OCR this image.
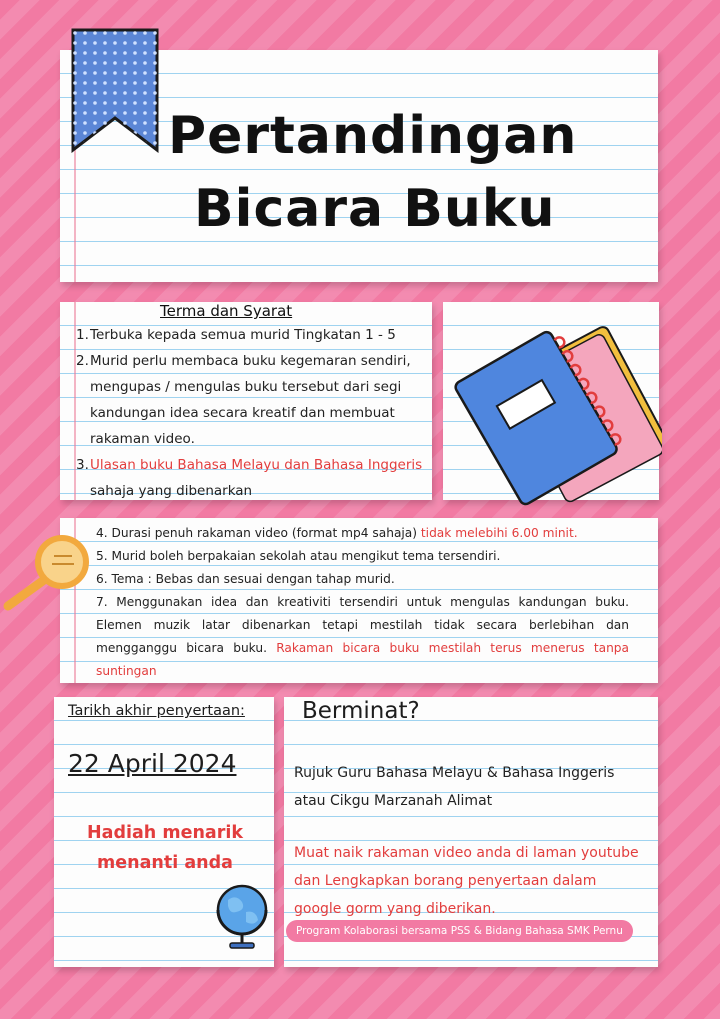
Pertandingan
Bicara Buku
Terma dan Syarat
1.Terbuka kepada semua murid Tingkatan 1 - 5
2. Murid perlu membaca buku kegemaran sendiri, mengupas / mengulas buku tersebut dari segi kandungan idea secara kreatif dan membuat rakaman video.
3. Ulasan buku Bahasa Melayu dan Bahasa Inggeris sahaja yang dibenarkan

4. Durasi penuh rakaman video (format mp4 sahaja) tidak melebihi 6.00 minit.

5. Murid boleh berpakaian sekolah atau mengikut tema tersendiri.

6. Tema : Bebas dan sesuai dengan tahap murid.

7. Menggunakan idea dan kreativiti tersendiri untuk mengulas kandungan buku. Elemen muzik latar dibenarkan tetapi mestilah tidak secara berlebihan dan mengganggu bicara buku. Rakaman bicara buku mestilah terus menerus tanpa suntingan

Tarikh akhir penyertaan:
22 April 2024
Hadiah menarik
menanti anda
Berminat?
Rujuk Guru Bahasa Melayu & Bahasa Inggeris
atau Cikgu Marzanah Alimat
Muat naik rakaman video anda di laman youtube
dan Lengkapkan borang penyertaan dalam
google gorm yang diberikan.
Program Kolaborasi bersama PSS & Bidang Bahasa SMK Pernu
